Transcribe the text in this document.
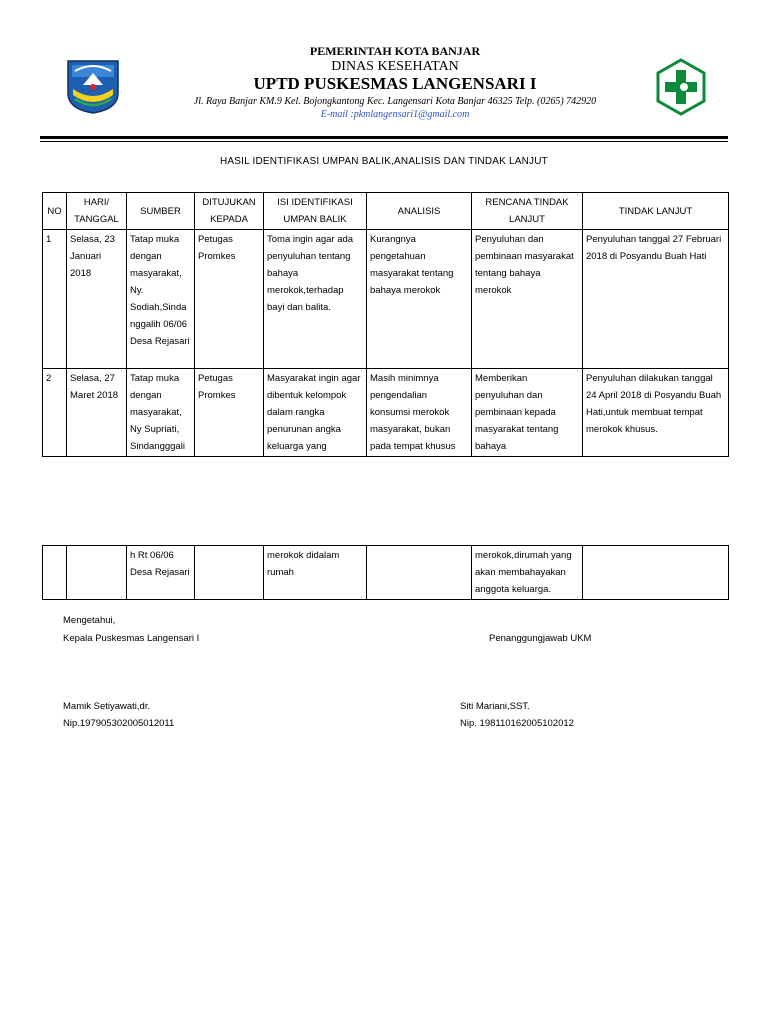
PEMERINTAH KOTA BANJAR
DINAS KESEHATAN
UPTD PUSKESMAS LANGENSARI I
Jl. Raya Banjar KM.9 Kel. Bojongkantong Kec. Langensari Kota Banjar 46325 Telp. (0265) 742920
E-mail :pkmlangensari1@gmail.com
HASIL IDENTIFIKASI UMPAN BALIK,ANALISIS DAN TINDAK LANJUT
NO	HARI/ TANGGAL	SUMBER	DITUJUKAN KEPADA	ISI IDENTIFIKASI UMPAN BALIK	ANALISIS	RENCANA TINDAK LANJUT	TINDAK LANJUT
1	Selasa, 23 Januari 2018	Tatap muka dengan masyarakat, Ny. Sodiah,Sindanggalih 06/06 Desa Rejasari	Petugas Promkes	Toma ingin agar ada penyuluhan tentang bahaya merokok,terhadap bayi dan balita.	Kurangnya pengetahuan masyarakat tentang bahaya merokok	Penyuluhan dan pembinaan masyarakat tentang bahaya merokok	Penyuluhan tanggal 27 Februari 2018 di Posyandu Buah Hati
2	Selasa, 27 Maret 2018	Tatap muka dengan masyarakat, Ny Supriati, Sindangggali	Petugas Promkes	Masyarakat ingin agar dibentuk kelompok dalam rangka penurunan angka keluarga yang	Masih minimnya pengendalian konsumsi merokok masyarakat, bukan pada tempat khusus	Memberikan penyuluhan dan pembinaan kepada masyarakat tentang bahaya	Penyuluhan dilakukan tanggal 24 April 2018 di Posyandu Buah Hati,untuk membuat tempat merokok khusus.
		h Rt 06/06 Desa Rejasari		merokok didalam rumah		merokok,dirumah yang akan membahayakan anggota keluarga.	
Mengetahui,
Kepala Puskesmas Langensari I	Penanggungjawab UKM
Mamik Setiyawati,dr.
Nip.197905302005012011
Siti Mariani,SST.
Nip. 198110162005102012
